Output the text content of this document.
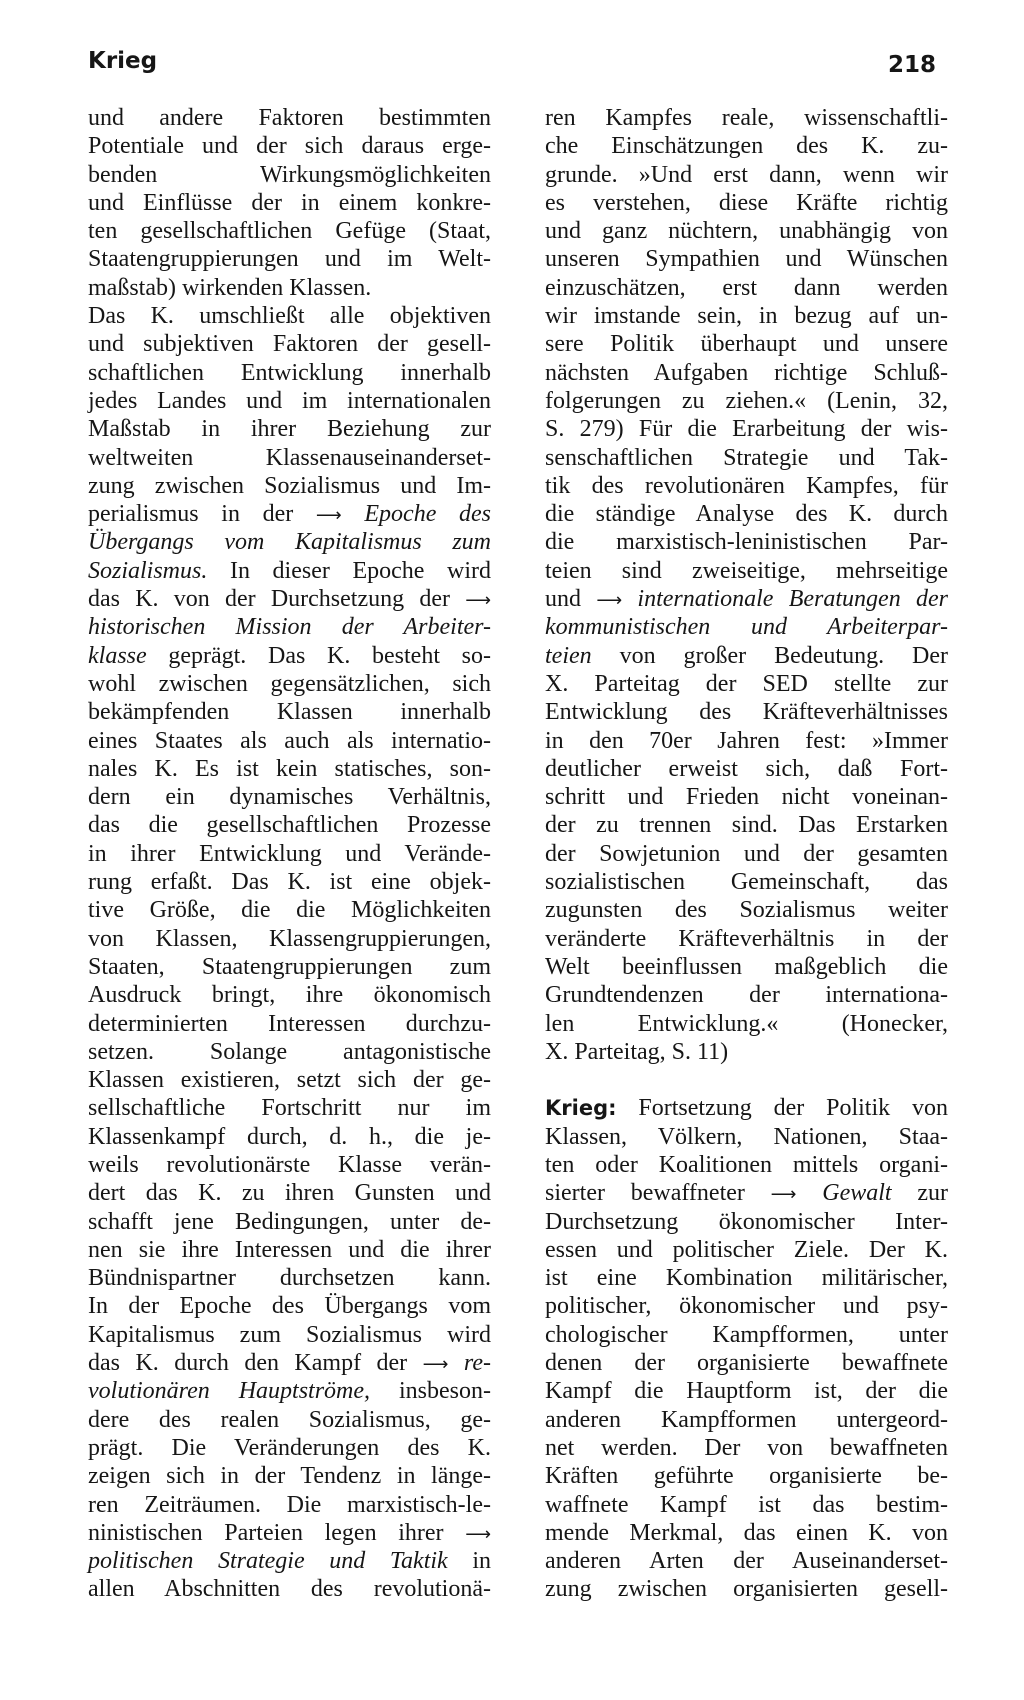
Krieg	218
und andere Faktoren bestimmten
Potentiale und der sich daraus erge-
benden Wirkungsmöglichkeiten
und Einflüsse der in einem konkre-
ten gesellschaftlichen Gefüge (Staat,
Staatengruppierungen und im Welt-
maßstab) wirkenden Klassen.
Das K. umschließt alle objektiven
und subjektiven Faktoren der gesell-
schaftlichen Entwicklung innerhalb
jedes Landes und im internationalen
Maßstab in ihrer Beziehung zur
weltweiten Klassenauseinanderset-
zung zwischen Sozialismus und Im-
perialismus in der ⟶ Epoche des
Übergangs vom Kapitalismus zum
Sozialismus. In dieser Epoche wird
das K. von der Durchsetzung der ⟶
historischen Mission der Arbeiter-
klasse geprägt. Das K. besteht so-
wohl zwischen gegensätzlichen, sich
bekämpfenden Klassen innerhalb
eines Staates als auch als internatio-
nales K. Es ist kein statisches, son-
dern ein dynamisches Verhältnis,
das die gesellschaftlichen Prozesse
in ihrer Entwicklung und Verände-
rung erfaßt. Das K. ist eine objek-
tive Größe, die die Möglichkeiten
von Klassen, Klassengruppierungen,
Staaten, Staatengruppierungen zum
Ausdruck bringt, ihre ökonomisch
determinierten Interessen durchzu-
setzen. Solange antagonistische
Klassen existieren, setzt sich der ge-
sellschaftliche Fortschritt nur im
Klassenkampf durch, d. h., die je-
weils revolutionärste Klasse verän-
dert das K. zu ihren Gunsten und
schafft jene Bedingungen, unter de-
nen sie ihre Interessen und die ihrer
Bündnispartner durchsetzen kann.
In der Epoche des Übergangs vom
Kapitalismus zum Sozialismus wird
das K. durch den Kampf der ⟶ re-
volutionären Hauptströme, insbeson-
dere des realen Sozialismus, ge-
prägt. Die Veränderungen des K.
zeigen sich in der Tendenz in länge-
ren Zeiträumen. Die marxistisch-le-
ninistischen Parteien legen ihrer ⟶
politischen Strategie und Taktik in
allen Abschnitten des revolutionä-
ren Kampfes reale, wissenschaftli-
che Einschätzungen des K. zu-
grunde. »Und erst dann, wenn wir
es verstehen, diese Kräfte richtig
und ganz nüchtern, unabhängig von
unseren Sympathien und Wünschen
einzuschätzen, erst dann werden
wir imstande sein, in bezug auf un-
sere Politik überhaupt und unsere
nächsten Aufgaben richtige Schluß-
folgerungen zu ziehen.« (Lenin, 32,
S. 279) Für die Erarbeitung der wis-
senschaftlichen Strategie und Tak-
tik des revolutionären Kampfes, für
die ständige Analyse des K. durch
die marxistisch-leninistischen Par-
teien sind zweiseitige, mehrseitige
und ⟶ internationale Beratungen der
kommunistischen und Arbeiterpar-
teien von großer Bedeutung. Der
X. Parteitag der SED stellte zur
Entwicklung des Kräfteverhältnisses
in den 70er Jahren fest: »Immer
deutlicher erweist sich, daß Fort-
schritt und Frieden nicht voneinan-
der zu trennen sind. Das Erstarken
der Sowjetunion und der gesamten
sozialistischen Gemeinschaft, das
zugunsten des Sozialismus weiter
veränderte Kräfteverhältnis in der
Welt beeinflussen maßgeblich die
Grundtendenzen der internationa-
len Entwicklung.« (Honecker,
X. Parteitag, S. 11)
Krieg: Fortsetzung der Politik von
Klassen, Völkern, Nationen, Staa-
ten oder Koalitionen mittels organi-
sierter bewaffneter ⟶ Gewalt zur
Durchsetzung ökonomischer Inter-
essen und politischer Ziele. Der K.
ist eine Kombination militärischer,
politischer, ökonomischer und psy-
chologischer Kampfformen, unter
denen der organisierte bewaffnete
Kampf die Hauptform ist, der die
anderen Kampfformen untergeord-
net werden. Der von bewaffneten
Kräften geführte organisierte be-
waffnete Kampf ist das bestim-
mende Merkmal, das einen K. von
anderen Arten der Auseinanderset-
zung zwischen organisierten gesell-
